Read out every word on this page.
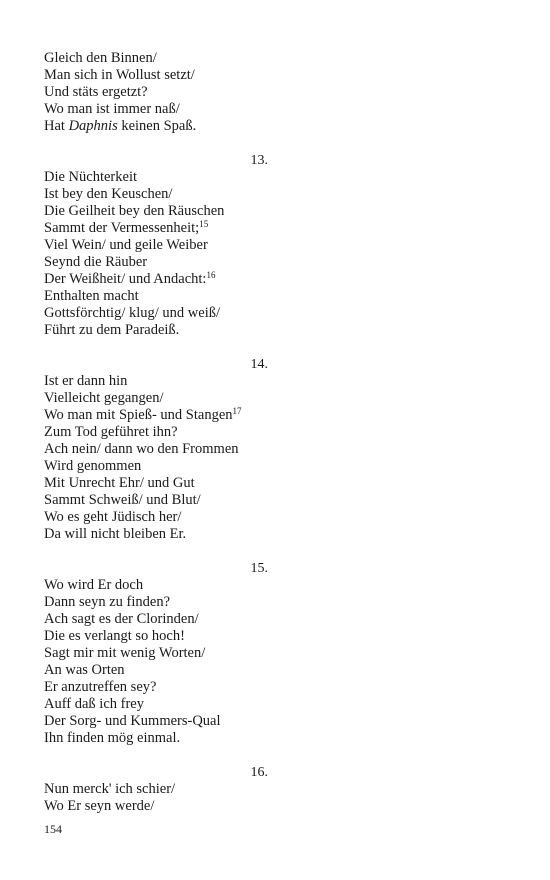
Gleich den Binnen/
Man sich in Wollust setzt/
Und stäts ergetzt?
Wo man ist immer naß/
Hat Daphnis keinen Spaß.
13.
Die Nüchterkeit
Ist bey den Keuschen/
Die Geilheit bey den Räuschen
Sammt der Vermessenheit;$^{15}$
Viel Wein/ und geile Weiber
Seynd die Räuber
Der Weißheit/ und Andacht:$^{16}$
Enthalten macht
Gottsförchtig/ klug/ und weiß/
Führt zu dem Paradeiß.
14.
Ist er dann hin
Vielleicht gegangen/
Wo man mit Spieß- und Stangen$^{17}$
Zum Tod geführet ihn?
Ach nein/ dann wo den Frommen
Wird genommen
Mit Unrecht Ehr/ und Gut
Sammt Schweiß/ und Blut/
Wo es geht Jüdisch her/
Da will nicht bleiben Er.
15.
Wo wird Er doch
Dann seyn zu finden?
Ach sagt es der Clorinden/
Die es verlangt so hoch!
Sagt mir mit wenig Worten/
An was Orten
Er anzutreffen sey?
Auff daß ich frey
Der Sorg- und Kummers-Qual
Ihn finden mög einmal.
16.
Nun merck' ich schier/
Wo Er seyn werde/
154
